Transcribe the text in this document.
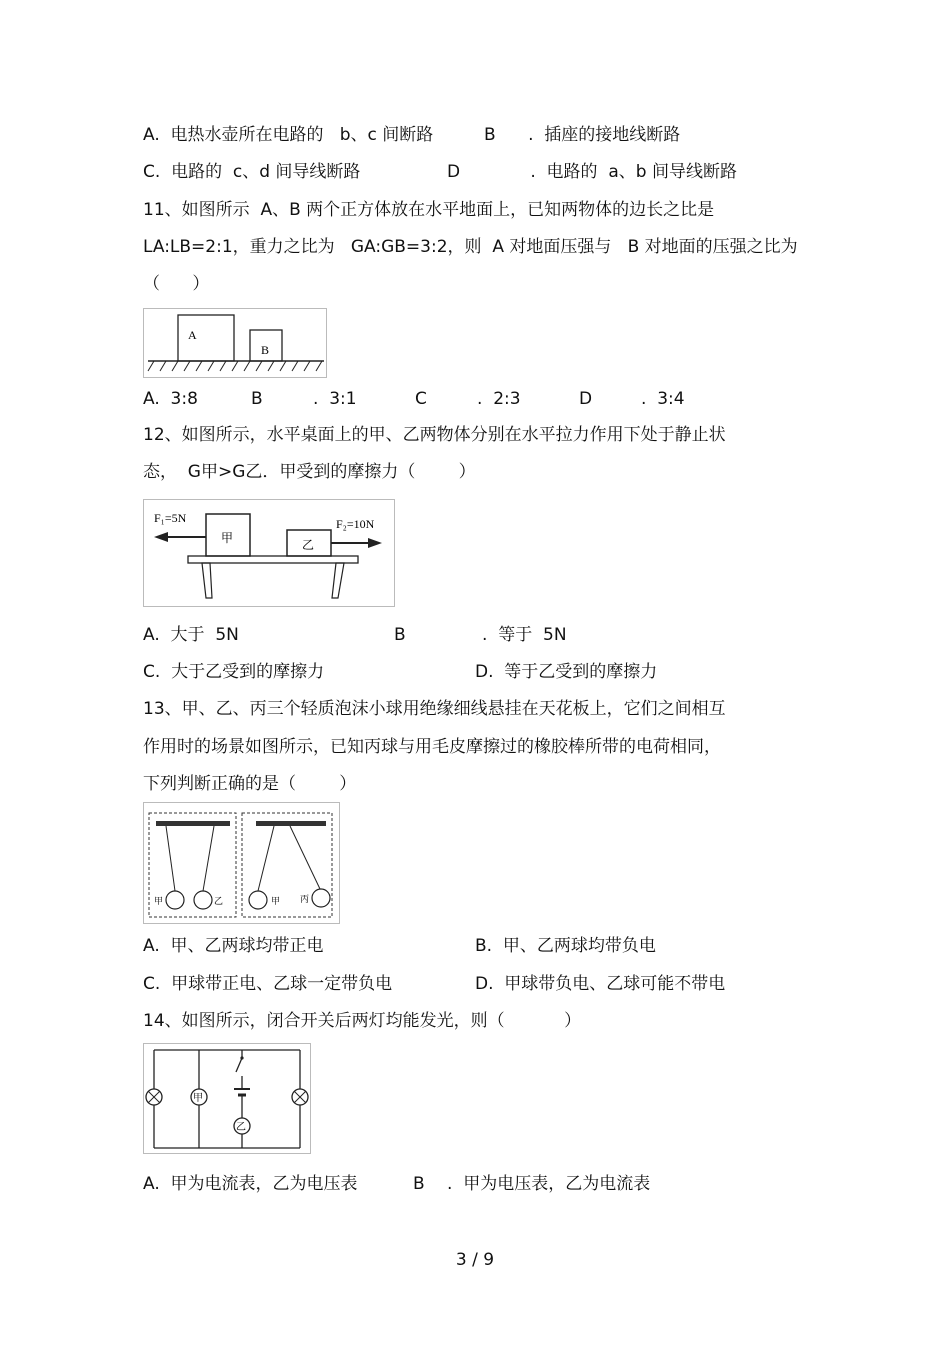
A.  电热水壶所在电路的   b、c 间断路	B      .  插座的接地线断路
C.  电路的  c、d 间导线断路	D             .  电路的  a、b 间导线断路
11、如图所示  A、B 两个正方体放在水平地面上，已知两物体的边长之比是
LA:LB=2:1，重力之比为   GA:GB=3:2，则  A 对地面压强与   B 对地面的压强之比为
（      ）
A
B
A.  3:8	B	.  3:1	C	.  2:3	D	.  3:4
12、如图所示，水平桌面上的甲、乙两物体分别在水平拉力作用下处于静止状
态，  G甲>G乙．甲受到的摩擦力（        ）
甲	乙
F₁=5N	F₂=10N
A.  大于  5N	B	.  等于  5N
C.  大于乙受到的摩擦力	D.  等于乙受到的摩擦力
13、甲、乙、丙三个轻质泡沫小球用绝缘细线悬挂在天花板上，它们之间相互
作用时的场景如图所示，已知丙球与用毛皮摩擦过的橡胶棒所带的电荷相同，
下列判断正确的是（        ）
甲	乙	甲 丙
A.  甲、乙两球均带正电	B.  甲、乙两球均带负电
C.  甲球带正电、乙球一定带负电	D.  甲球带负电、乙球可能不带电
14、如图所示，闭合开关后两灯均能发光，则（           ）
甲
乙
A.  甲为电流表，乙为电压表	B .  甲为电压表，乙为电流表
3 / 9
